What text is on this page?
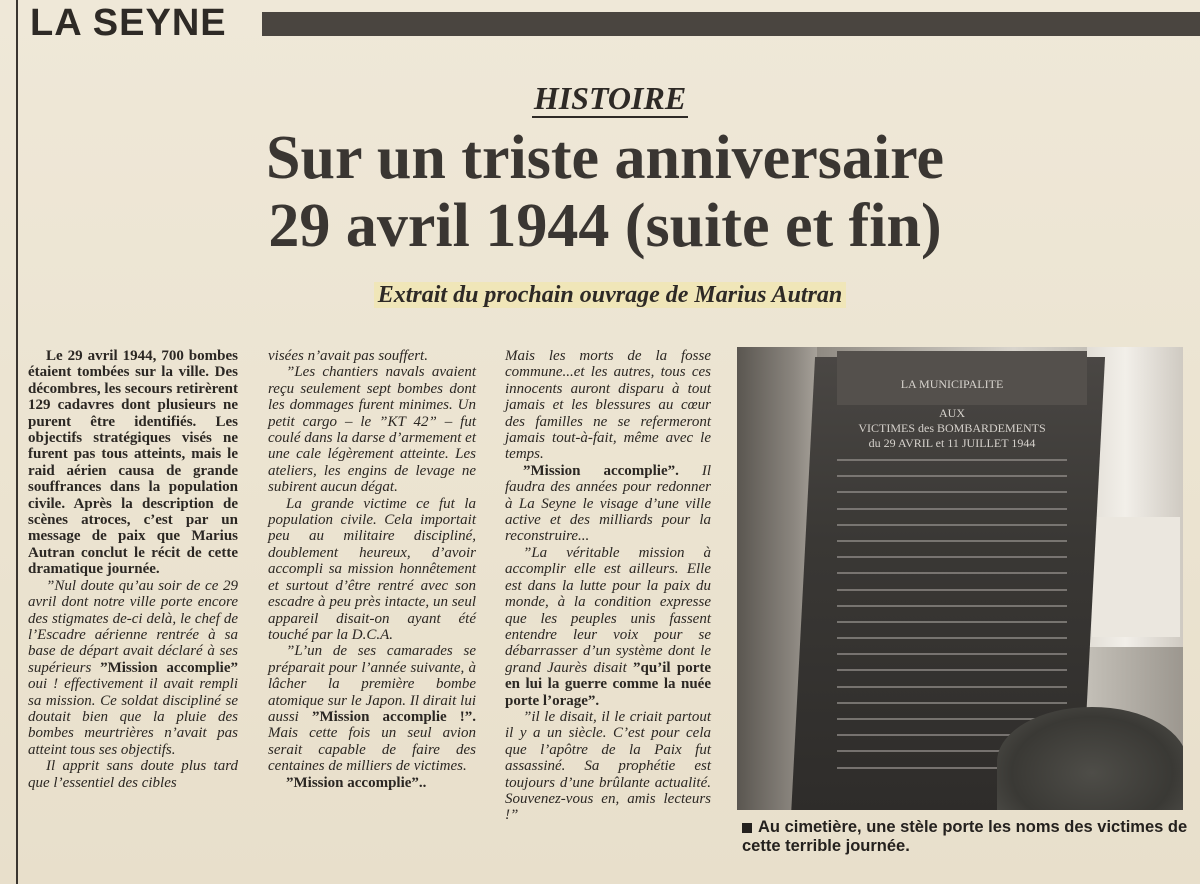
LA SEYNE
HISTOIRE
Sur un triste anniversaire
29 avril 1944 (suite et fin)
Extrait du prochain ouvrage de Marius Autran

Le 29 avril 1944, 700 bombes étaient tombées sur la ville. Des décombres, les secours retirèrent 129 cadavres dont plusieurs ne purent être identifiés. Les objectifs stratégiques visés ne furent pas tous atteints, mais le raid aérien causa de grande souffrances dans la population civile. Après la description de scènes atroces, c’est par un message de paix que Marius Autran conclut le récit de cette dramatique journée.

”Nul doute qu’au soir de ce 29 avril dont notre ville porte encore des stigmates de-ci delà, le chef de l’Escadre aérienne rentrée à sa base de départ avait déclaré à ses supérieurs ”Mission accomplie” oui ! effectivement il avait rempli sa mission. Ce soldat discipliné se doutait bien que la pluie des bombes meurtrières n’avait pas atteint tous ses objectifs.

Il apprit sans doute plus tard que l’essentiel des cibles

visées n’avait pas souffert.

”Les chantiers navals avaient reçu seulement sept bombes dont les dommages furent minimes. Un petit cargo – le ”KT 42” – fut coulé dans la darse d’armement et une cale légèrement atteinte. Les ateliers, les engins de levage ne subirent aucun dégat.

La grande victime ce fut la population civile. Cela importait peu au militaire discipliné, doublement heureux, d’avoir accompli sa mission honnêtement et surtout d’être rentré avec son escadre à peu près intacte, un seul appareil disait-on ayant été touché par la D.C.A.

”L’un de ses camarades se préparait pour l’année suivante, à lâcher la première bombe atomique sur le Japon. Il dirait lui aussi ”Mission accomplie !”. Mais cette fois un seul avion serait capable de faire des centaines de milliers de victimes.

”Mission accomplie”..

Mais les morts de la fosse commune...et les autres, tous ces innocents auront disparu à tout jamais et les blessures au cœur des familles ne se refermeront jamais tout-à-fait, même avec le temps.

”Mission accomplie”. Il faudra des années pour redonner à La Seyne le visage d’une ville active et des milliards pour la reconstruire...

”La véritable mission à accomplir elle est ailleurs. Elle est dans la lutte pour la paix du monde, à la condition expresse que les peuples unis fassent entendre leur voix pour se débarrasser d’un système dont le grand Jaurès disait ”qu’il porte en lui la guerre comme la nuée porte l’orage”.

”il le disait, il le criait partout il y a un siècle. C’est pour cela que l’apôtre de la Paix fut assassiné. Sa prophétie est toujours d’une brûlante actualité. Souvenez-vous en, amis lecteurs !”

LA MUNICIPALITE
AUX
VICTIMES des BOMBARDEMENTS
du 29 AVRIL et 11 JUILLET 1944
Au cimetière, une stèle porte les noms des victimes de cette terrible journée.
